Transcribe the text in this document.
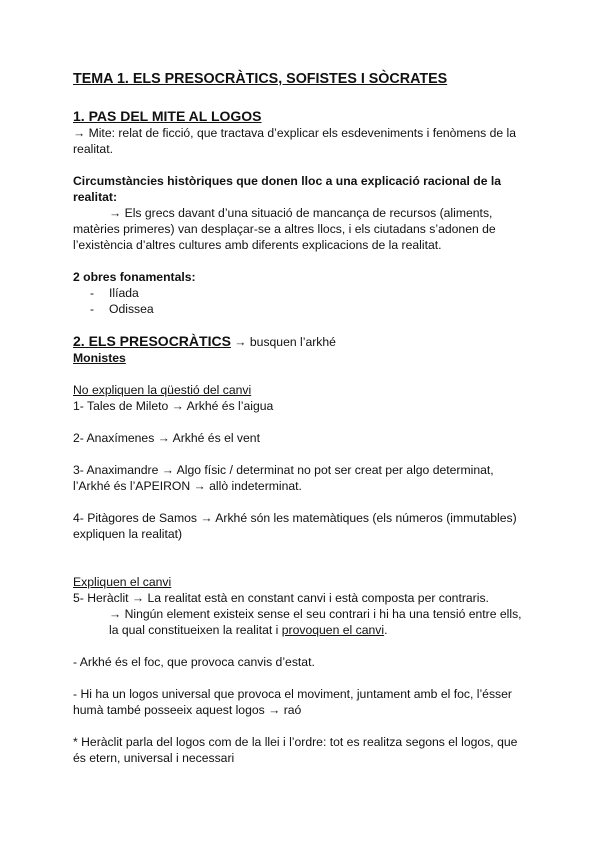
TEMA 1. ELS PRESOCRÀTICS, SOFISTES I SÒCRATES
1. PAS DEL MITE AL LOGOS
→ Mite: relat de ficció, que tractava d’explicar els esdeveniments i fenòmens de la
realitat.
Circumstàncies històriques que donen lloc a una explicació racional de la
realitat:
→ Els grecs davant d’una situació de mancança de recursos (aliments,
matèries primeres) van desplaçar-se a altres llocs, i els ciutadans s’adonen de
l’existència d’altres cultures amb diferents explicacions de la realitat.
2 obres fonamentals:
- Ilíada
- Odissea
2. ELS PRESOCRÀTICS → busquen l’arkhé
Monistes
No expliquen la qüestió del canvi
1- Tales de Mileto → Arkhé és l’aigua
2- Anaxímenes → Arkhé és el vent
3- Anaximandre → Algo físic / determinat no pot ser creat per algo determinat,
l’Arkhé és l’APEIRON → allò indeterminat.
4- Pitàgores de Samos → Arkhé són les matemàtiques (els números (immutables)
expliquen la realitat)
Expliquen el canvi
5- Heràclit → La realitat està en constant canvi i està composta per contraris.
→ Ningún element existeix sense el seu contrari i hi ha una tensió entre ells,
la qual constitueixen la realitat i provoquen el canvi.
- Arkhé és el foc, que provoca canvis d’estat.
- Hi ha un logos universal que provoca el moviment, juntament amb el foc, l’ésser
humà també posseeix aquest logos → raó
* Heràclit parla del logos com de la llei i l’ordre: tot es realitza segons el logos, que
és etern, universal i necessari
